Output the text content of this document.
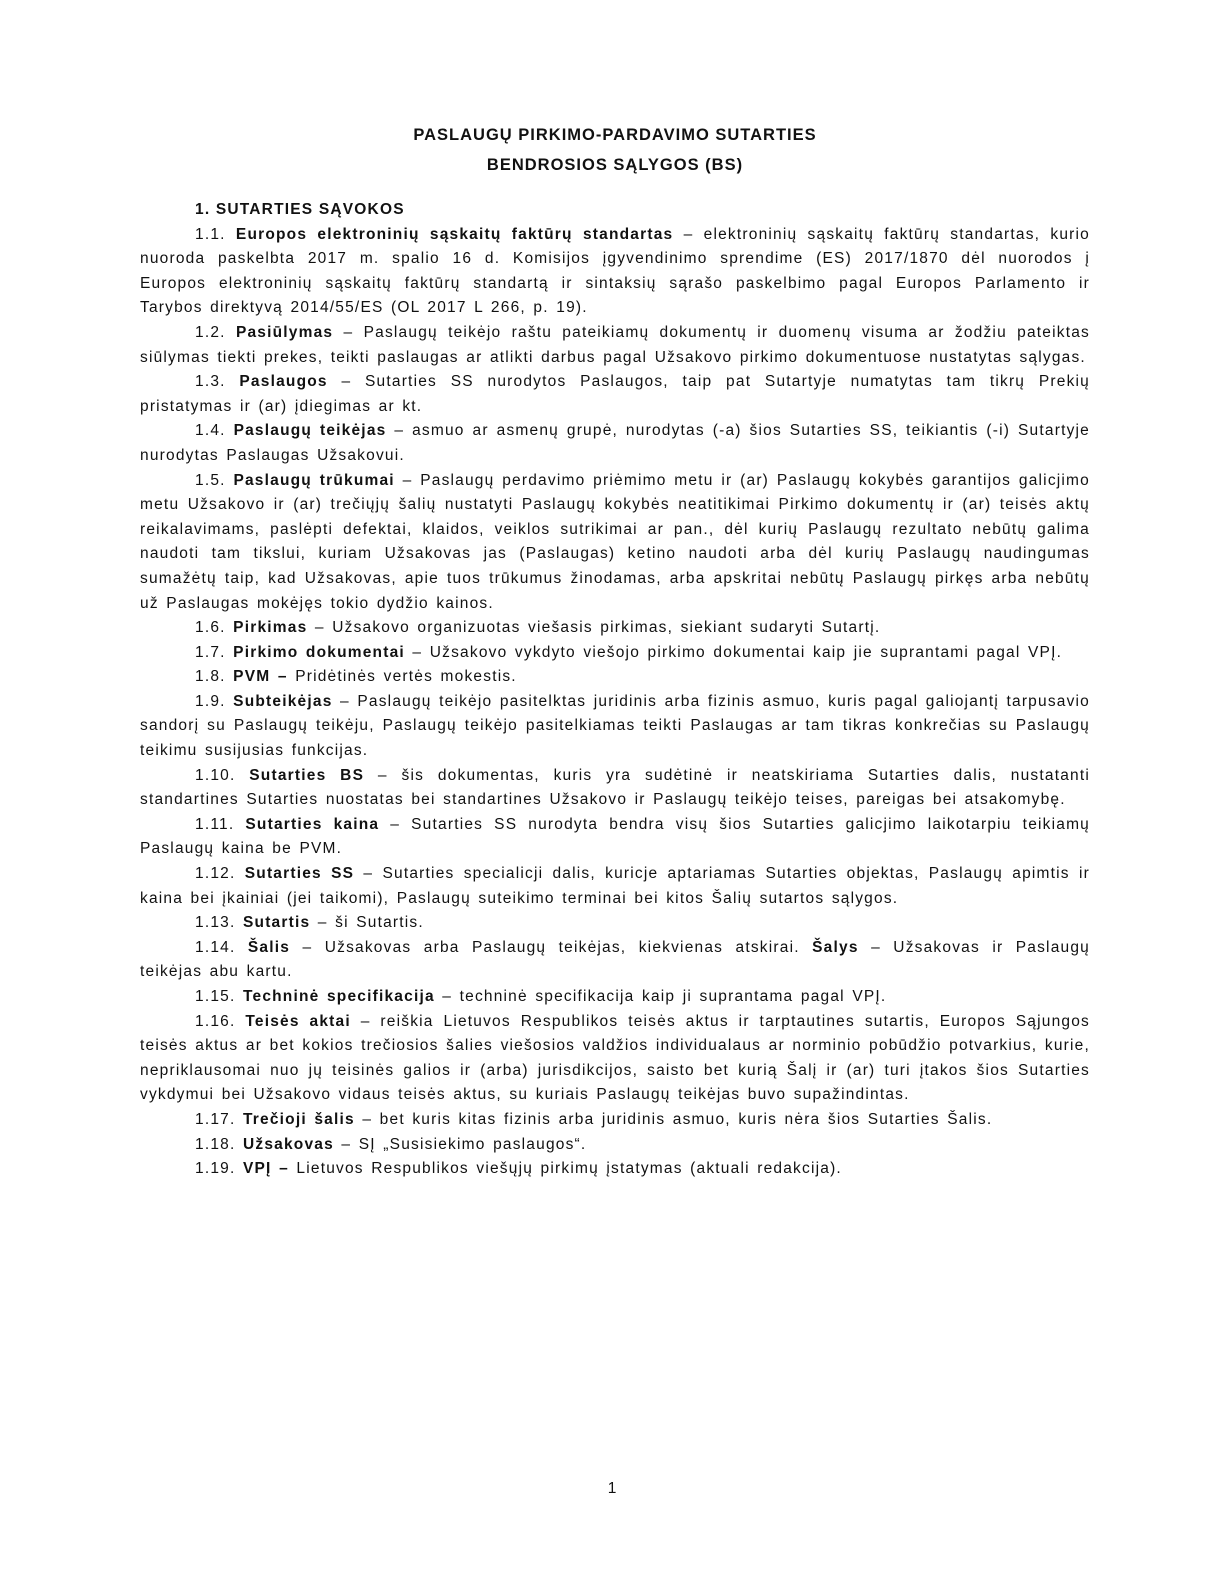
PASLAUGŲ PIRKIMO-PARDAVIMO SUTARTIES
BENDROSIOS SĄLYGOS (BS)

1. SUTARTIES SĄVOKOS

1.1. Europos elektroninių sąskaitų faktūrų standartas – elektroninių sąskaitų faktūrų standartas, kurio nuoroda paskelbta 2017 m. spalio 16 d. Komisijos įgyvendinimo sprendime (ES) 2017/1870 dėl nuorodos į Europos elektroninių sąskaitų faktūrų standartą ir sintaksių sąrašo paskelbimo pagal Europos Parlamento ir Tarybos direktyvą 2014/55/ES (OL 2017 L 266, p. 19).

1.2. Pasiūlymas – Paslaugų teikėjo raštu pateikiamų dokumentų ir duomenų visuma ar žodžiu pateiktas siūlymas tiekti prekes, teikti paslaugas ar atlikti darbus pagal Užsakovo pirkimo dokumentuose nustatytas sąlygas.

1.3. Paslaugos – Sutarties SS nurodytos Paslaugos, taip pat Sutartyje numatytas tam tikrų Prekių pristatymas ir (ar) įdiegimas ar kt.

1.4. Paslaugų teikėjas – asmuo ar asmenų grupė, nurodytas (-a) šios Sutarties SS, teikiantis (-i) Sutartyje nurodytas Paslaugas Užsakovui.

1.5. Paslaugų trūkumai – Paslaugų perdavimo priėmimo metu ir (ar) Paslaugų kokybės garantijos galicjimo metu Užsakovo ir (ar) trečiųjų šalių nustatyti Paslaugų kokybės neatitikimai Pirkimo dokumentų ir (ar) teisės aktų reikalavimams, paslėpti defektai, klaidos, veiklos sutrikimai ar pan., dėl kurių Paslaugų rezultato nebūtų galima naudoti tam tikslui, kuriam Užsakovas jas (Paslaugas) ketino naudoti arba dėl kurių Paslaugų naudingumas sumažėtų taip, kad Užsakovas, apie tuos trūkumus žinodamas, arba apskritai nebūtų Paslaugų pirkęs arba nebūtų už Paslaugas mokėjęs tokio dydžio kainos.

1.6. Pirkimas – Užsakovo organizuotas viešasis pirkimas, siekiant sudaryti Sutartį.

1.7. Pirkimo dokumentai – Užsakovo vykdyto viešojo pirkimo dokumentai kaip jie suprantami pagal VPĮ.

1.8. PVM – Pridėtinės vertės mokestis.

1.9. Subteikėjas – Paslaugų teikėjo pasitelktas juridinis arba fizinis asmuo, kuris pagal galiojantį tarpusavio sandorį su Paslaugų teikėju, Paslaugų teikėjo pasitelkiamas teikti Paslaugas ar tam tikras konkrečias su Paslaugų teikimu susijusias funkcijas.

1.10. Sutarties BS – šis dokumentas, kuris yra sudėtinė ir neatskiriama Sutarties dalis, nustatanti standartines Sutarties nuostatas bei standartines Užsakovo ir Paslaugų teikėjo teises, pareigas bei atsakomybę.

1.11. Sutarties kaina – Sutarties SS nurodyta bendra visų šios Sutarties galicjimo laikotarpiu teikiamų Paslaugų kaina be PVM.

1.12. Sutarties SS – Sutarties specialicji dalis, kuricje aptariamas Sutarties objektas, Paslaugų apimtis ir kaina bei įkainiai (jei taikomi), Paslaugų suteikimo terminai bei kitos Šalių sutartos sąlygos.

1.13. Sutartis – ši Sutartis.

1.14. Šalis – Užsakovas arba Paslaugų teikėjas, kiekvienas atskirai. Šalys – Užsakovas ir Paslaugų teikėjas abu kartu.

1.15. Techninė specifikacija – techninė specifikacija kaip ji suprantama pagal VPĮ.

1.16. Teisės aktai – reiškia Lietuvos Respublikos teisės aktus ir tarptautines sutartis, Europos Sąjungos teisės aktus ar bet kokios trečiosios šalies viešosios valdžios individualaus ar norminio pobūdžio potvarkius, kurie, nepriklausomai nuo jų teisinės galios ir (arba) jurisdikcijos, saisto bet kurią Šalį ir (ar) turi įtakos šios Sutarties vykdymui bei Užsakovo vidaus teisės aktus, su kuriais Paslaugų teikėjas buvo supažindintas.

1.17. Trečioji šalis – bet kuris kitas fizinis arba juridinis asmuo, kuris nėra šios Sutarties Šalis.

1.18. Užsakovas – SĮ „Susisiekimo paslaugos“.

1.19. VPĮ – Lietuvos Respublikos viešųjų pirkimų įstatymas (aktuali redakcija).

1
